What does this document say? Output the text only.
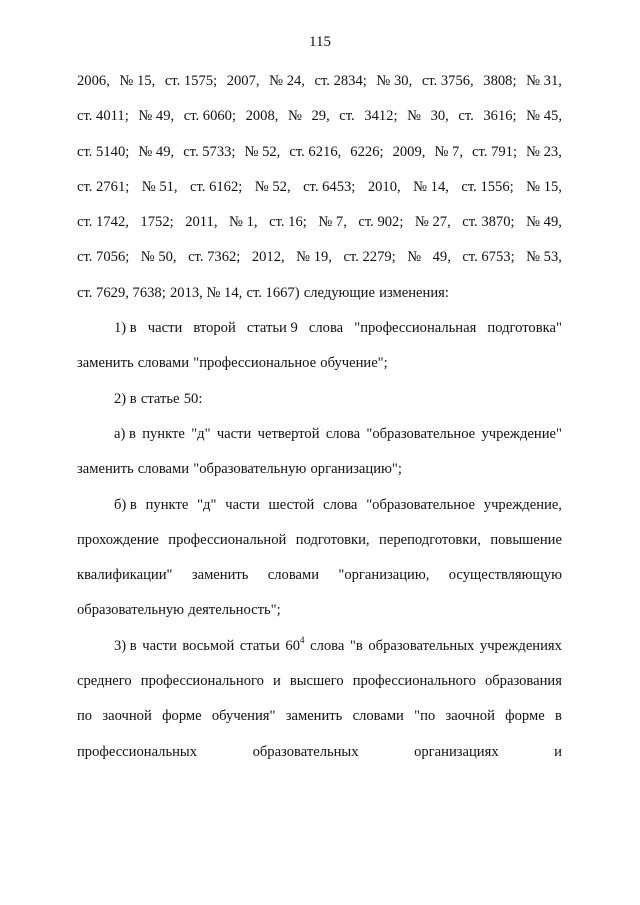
115
2006, № 15, ст. 1575; 2007, № 24, ст. 2834; № 30, ст. 3756, 3808; № 31,
ст. 4011; № 49, ст. 6060; 2008, № 29, ст. 3412; № 30, ст. 3616; № 45,
ст. 5140; № 49, ст. 5733; № 52, ст. 6216, 6226; 2009, № 7, ст. 791; № 23,
ст. 2761; № 51, ст. 6162; № 52, ст. 6453; 2010, № 14, ст. 1556; № 15,
ст. 1742, 1752; 2011, № 1, ст. 16; № 7, ст. 902; № 27, ст. 3870; № 49,
ст. 7056; № 50, ст. 7362; 2012, № 19, ст. 2279; № 49, ст. 6753; № 53,
ст. 7629, 7638; 2013, № 14, ст. 1667) следующие изменения:
1) в части второй статьи 9 слова "профессиональная подготовка"
заменить словами "профессиональное обучение";
2) в статье 50:
а) в пункте "д" части четвертой слова "образовательное учреждение"
заменить словами "образовательную организацию";
б) в пункте "д" части шестой слова "образовательное учреждение,
прохождение профессиональной подготовки, переподготовки, повышение
квалификации" заменить словами "организацию, осуществляющую
образовательную деятельность";
3) в части восьмой статьи $60^4$ слова "в образовательных учреждениях
среднего профессионального и высшего профессионального образования
по заочной форме обучения" заменить словами "по заочной форме в
профессиональных	образовательных	организациях	и
